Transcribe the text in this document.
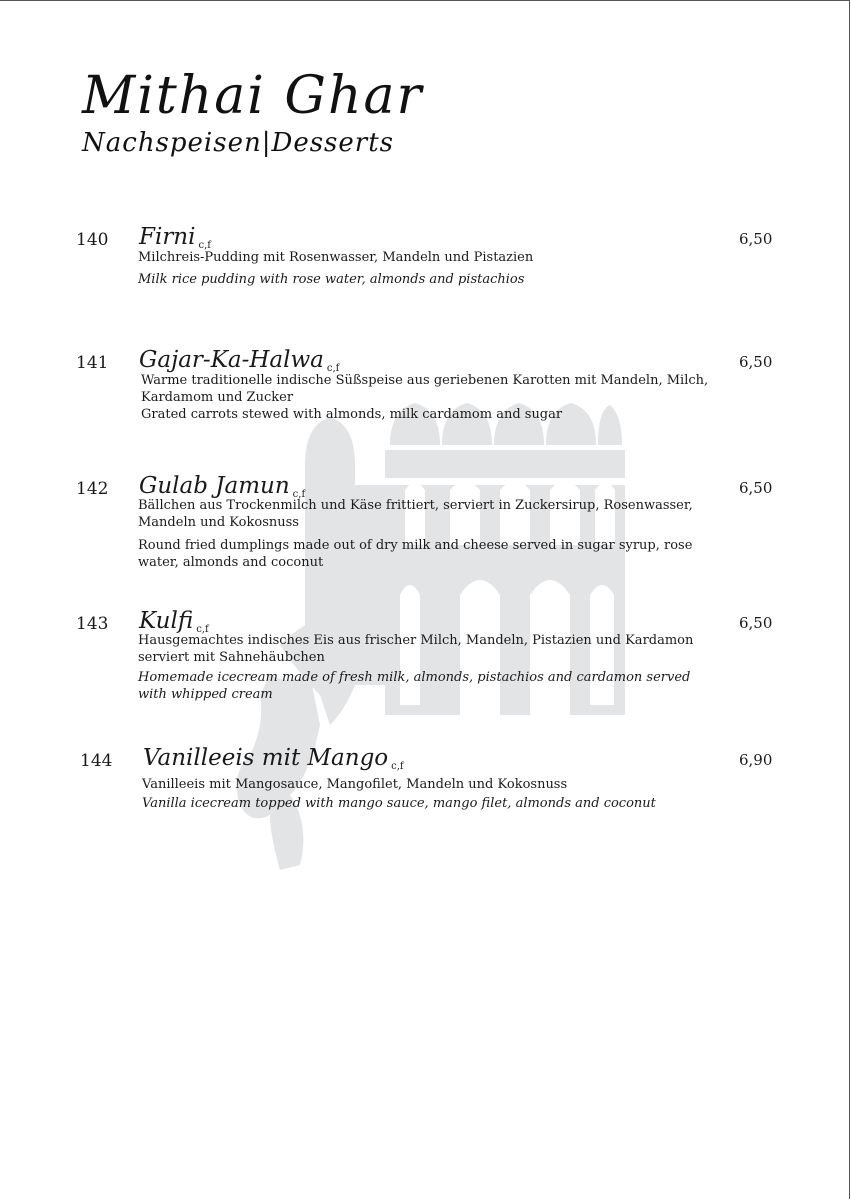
Mithai Ghar
Nachspeisen|Desserts
140 Firni c,f	6,50
Milchreis-Pudding mit Rosenwasser, Mandeln und Pistazien
Milk rice pudding with rose water, almonds and pistachios
141 Gajar-Ka-Halwa c,f	6,50
Warme traditionelle indische Süßspeise aus geriebenen Karotten mit Mandeln, Milch, Kardamom und Zucker
Grated carrots stewed with almonds, milk cardamom and sugar
142 Gulab Jamun c,f	6,50
Bällchen aus Trockenmilch und Käse frittiert, serviert in Zuckersirup, Rosenwasser, Mandeln und Kokosnuss
Round fried dumplings made out of dry milk and cheese served in sugar syrup, rose water, almonds and coconut
143 Kulfi c,f	6,50
Hausgemachtes indisches Eis aus frischer Milch, Mandeln, Pistazien und Kardamon serviert mit Sahnehäubchen
Homemade icecream made of fresh milk, almonds, pistachios and cardamon served with whipped cream
144 Vanilleeis mit Mango c,f	6,90
Vanilleeis mit Mangosauce, Mangofilet, Mandeln und Kokosnuss
Vanilla icecream topped with mango sauce, mango filet, almonds and coconut
